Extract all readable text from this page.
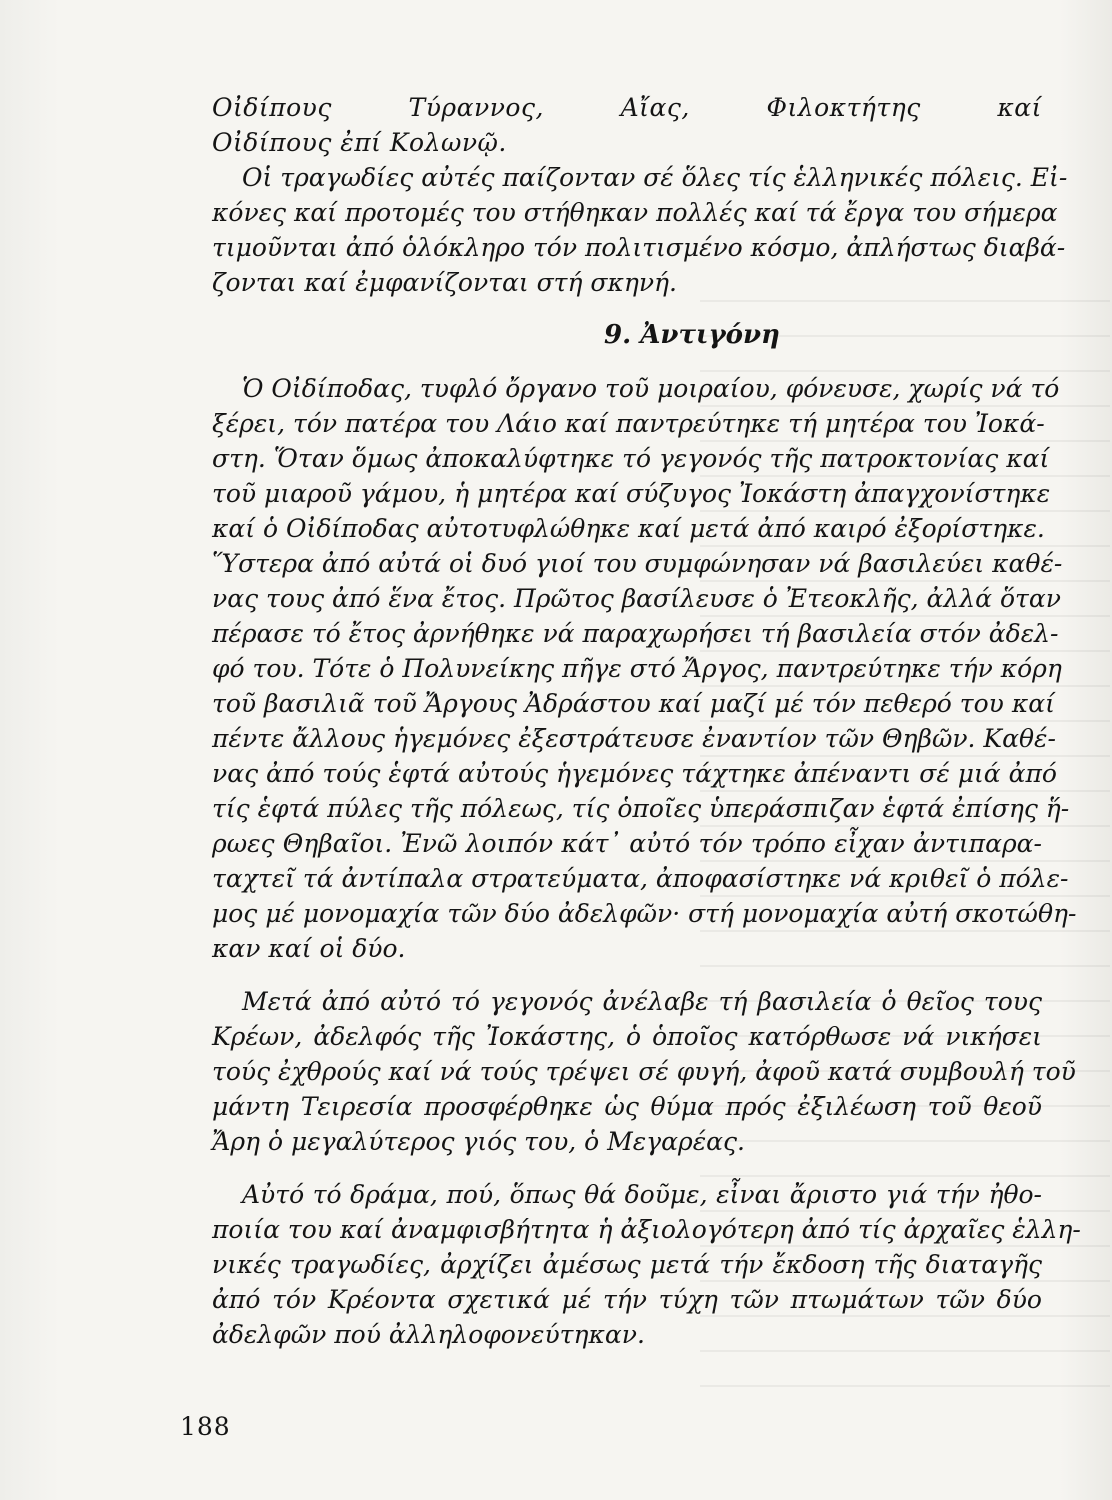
Οἰδίπους Τύραννος, Αἴας, Φιλοκτήτης καί
Οἰδίπους ἐπί Κολωνῷ.
Οἱ τραγωδίες αὐτές παίζονταν σέ ὅλες τίς ἑλληνικές πόλεις. Εἰ-
κόνες καί προτομές του στήθηκαν πολλές καί τά ἔργα του σήμερα
τιμοῦνται ἀπό ὁλόκληρο τόν πολιτισμένο κόσμο, ἀπλήστως διαβά-
ζονται καί ἐμφανίζονται στή σκηνή.
9. Ἀντιγόνη
Ὁ Οἰδίποδας, τυφλό ὄργανο τοῦ μοιραίου, φόνευσε, χωρίς νά τό
ξέρει, τόν πατέρα του Λάιο καί παντρεύτηκε τή μητέρα του Ἰοκά-
στη. Ὅταν ὅμως ἀποκαλύφτηκε τό γεγονός τῆς πατροκτονίας καί
τοῦ μιαροῦ γάμου, ἡ μητέρα καί σύζυγος Ἰοκάστη ἀπαγχονίστηκε
καί ὁ Οἰδίποδας αὐτοτυφλώθηκε καί μετά ἀπό καιρό ἐξορίστηκε.
Ὕστερα ἀπό αὐτά οἱ δυό γιοί του συμφώνησαν νά βασιλεύει καθέ-
νας τους ἀπό ἕνα ἔτος. Πρῶτος βασίλευσε ὁ Ἐτεοκλῆς, ἀλλά ὅταν
πέρασε τό ἔτος ἀρνήθηκε νά παραχωρήσει τή βασιλεία στόν ἀδελ-
φό του. Τότε ὁ Πολυνείκης πῆγε στό Ἄργος, παντρεύτηκε τήν κόρη
τοῦ βασιλιᾶ τοῦ Ἄργους Ἀδράστου καί μαζί μέ τόν πεθερό του καί
πέντε ἄλλους ἡγεμόνες ἐξεστράτευσε ἐναντίον τῶν Θηβῶν. Καθέ-
νας ἀπό τούς ἑφτά αὐτούς ἡγεμόνες τάχτηκε ἀπέναντι σέ μιά ἀπό
τίς ἑφτά πύλες τῆς πόλεως, τίς ὁποῖες ὑπεράσπιζαν ἑφτά ἐπίσης ἥ-
ρωες Θηβαῖοι. Ἐνῶ λοιπόν κάτ᾽ αὐτό τόν τρόπο εἶχαν ἀντιπαρα-
ταχτεῖ τά ἀντίπαλα στρατεύματα, ἀποφασίστηκε νά κριθεῖ ὁ πόλε-
μος μέ μονομαχία τῶν δύο ἀδελφῶν· στή μονομαχία αὐτή σκοτώθη-
καν καί οἱ δύο.
Μετά ἀπό αὐτό τό γεγονός ἀνέλαβε τή βασιλεία ὁ θεῖος τους
Κρέων, ἀδελφός τῆς Ἰοκάστης, ὁ ὁποῖος κατόρθωσε νά νικήσει
τούς ἐχθρούς καί νά τούς τρέψει σέ φυγή, ἀφοῦ κατά συμβουλή τοῦ
μάντη Τειρεσία προσφέρθηκε ὡς θύμα πρός ἐξιλέωση τοῦ θεοῦ
Ἄρη ὁ μεγαλύτερος γιός του, ὁ Μεγαρέας.
Αὐτό τό δράμα, πού, ὅπως θά δοῦμε, εἶναι ἄριστο γιά τήν ἠθο-
ποιία του καί ἀναμφισβήτητα ἡ ἀξιολογότερη ἀπό τίς ἀρχαῖες ἑλλη-
νικές τραγωδίες, ἀρχίζει ἀμέσως μετά τήν ἔκδοση τῆς διαταγῆς
ἀπό τόν Κρέοντα σχετικά μέ τήν τύχη τῶν πτωμάτων τῶν δύο
ἀδελφῶν πού ἀλληλοφονεύτηκαν.
188
